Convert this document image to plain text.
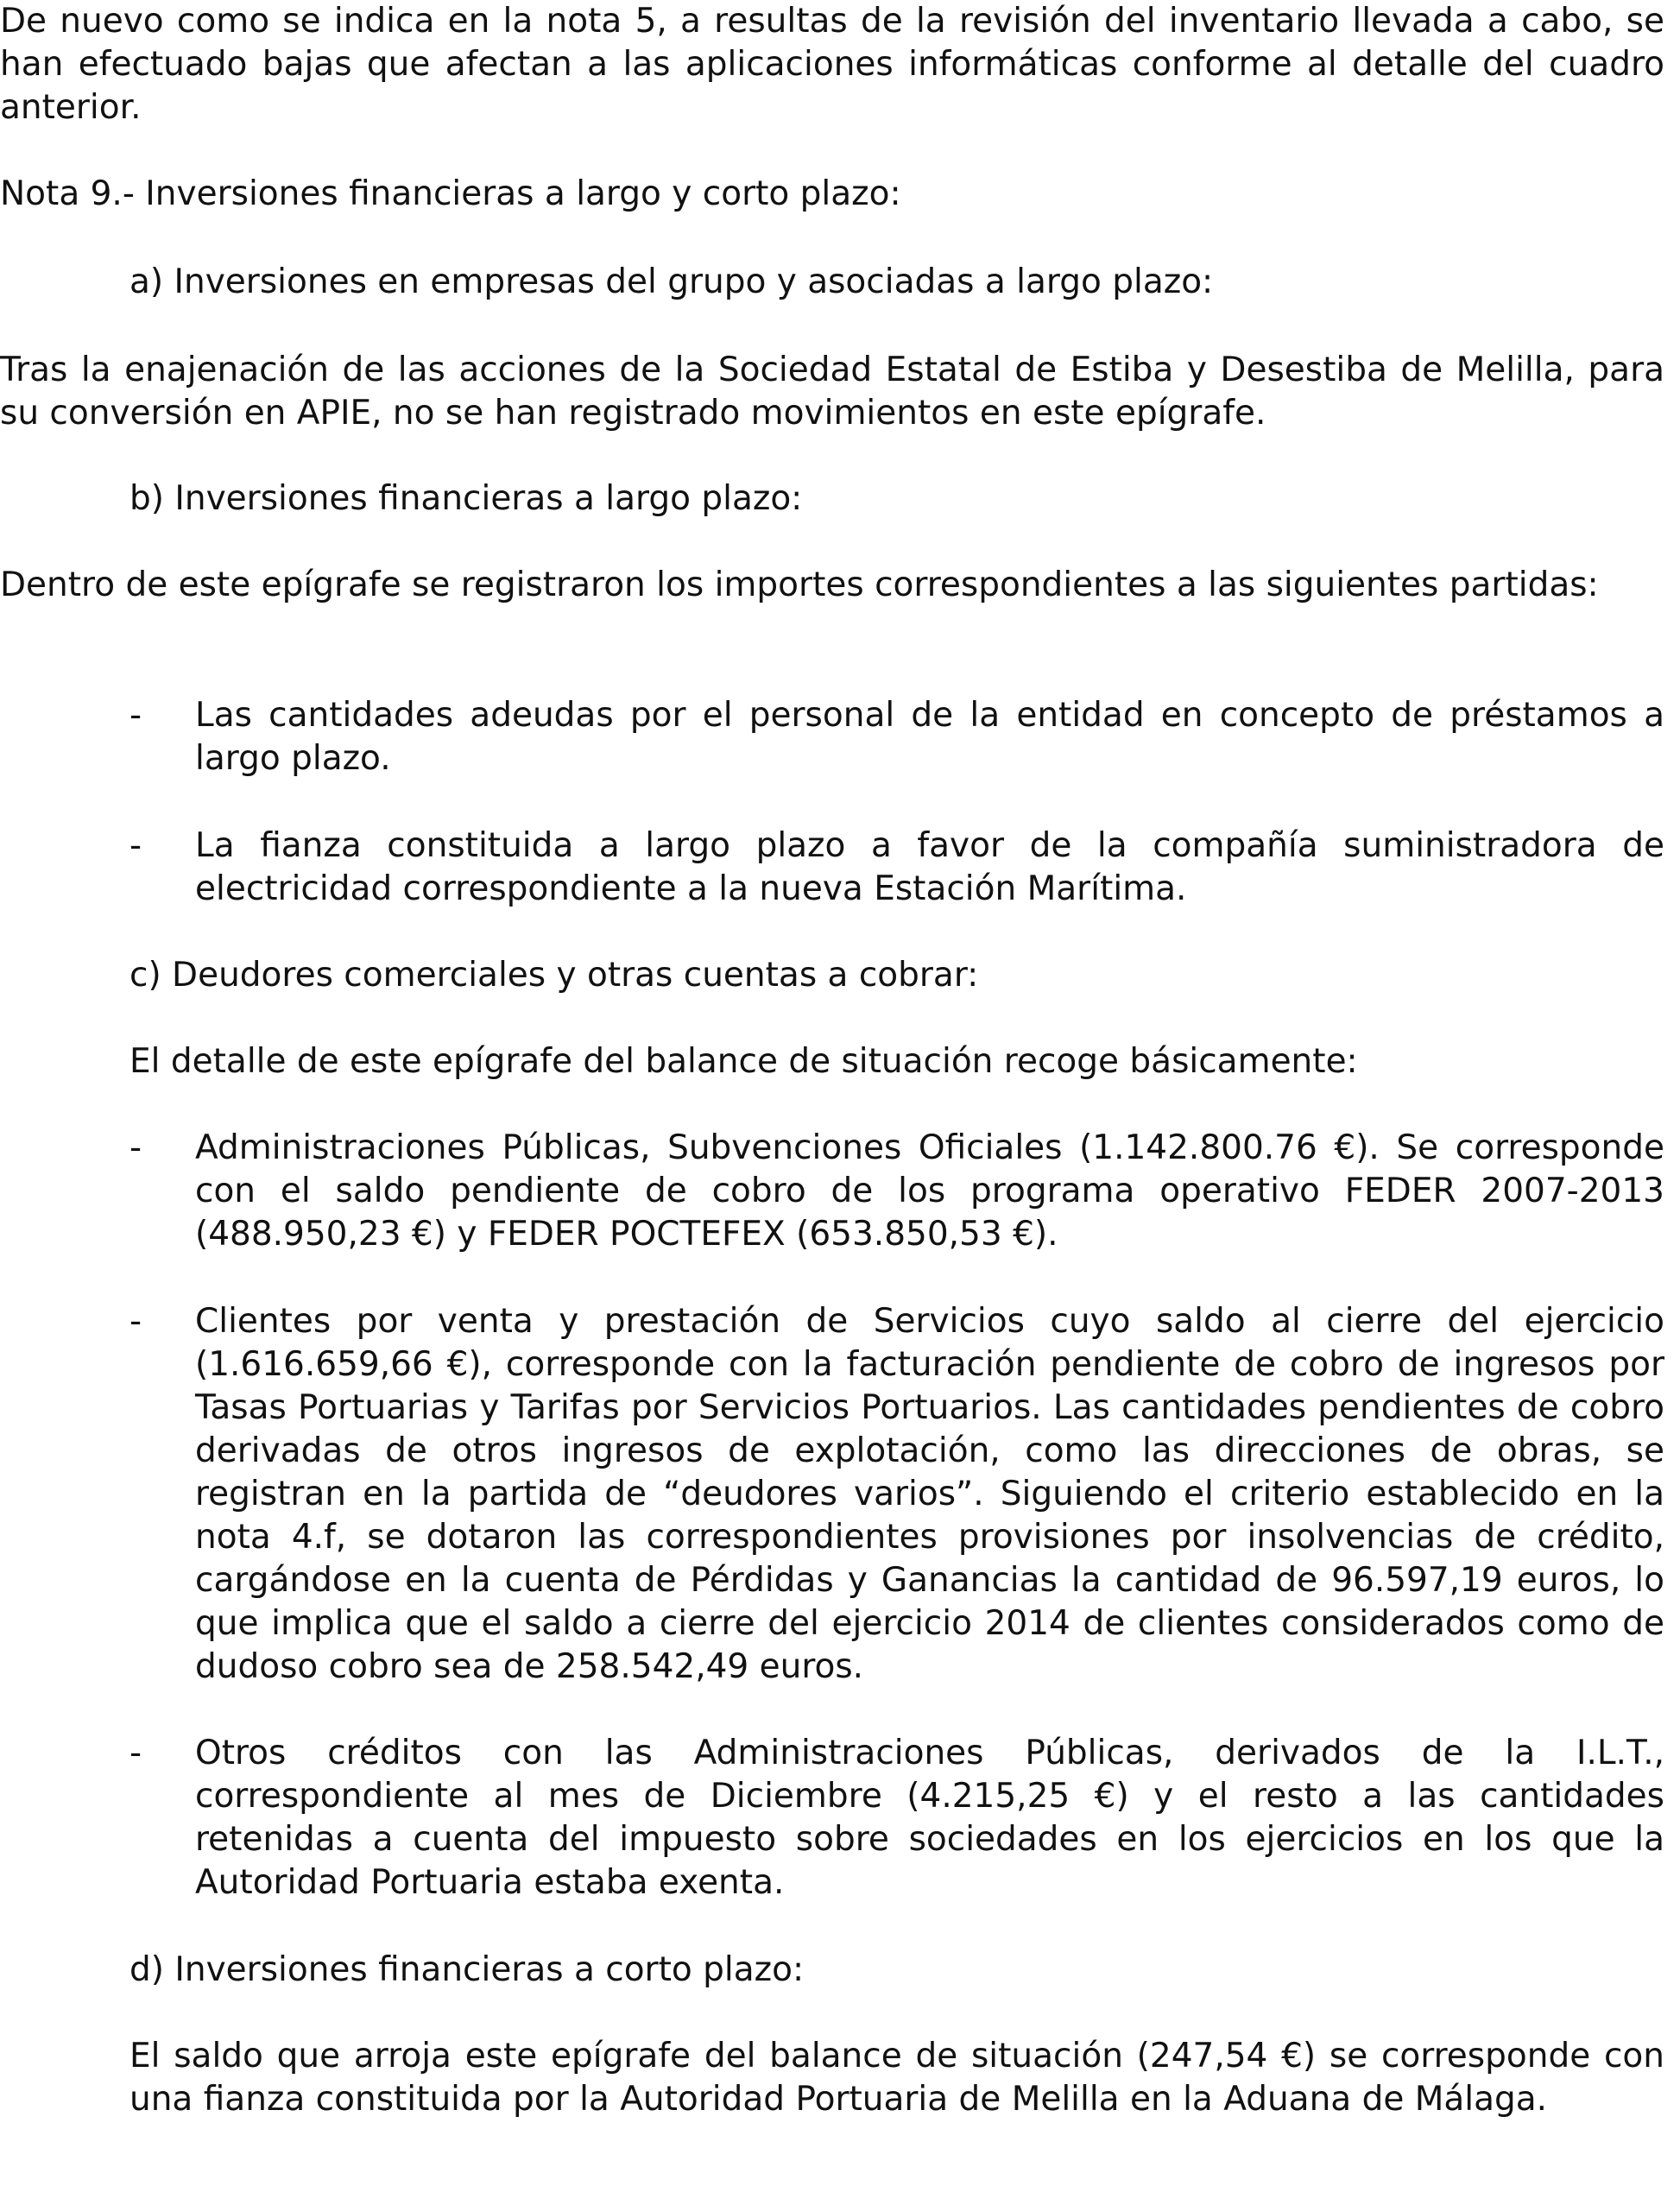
De nuevo como se indica en la nota 5, a resultas de la revisión del inventario llevada a cabo, se han efectuado bajas que afectan a las aplicaciones informáticas conforme al detalle del cuadro anterior.

Nota 9.- Inversiones financieras a largo y corto plazo:

a) Inversiones en empresas del grupo y asociadas a largo plazo:

Tras la enajenación de las acciones de la Sociedad Estatal de Estiba y Desestiba de Melilla, para su conversión en APIE, no se han registrado movimientos en este epígrafe.

b) Inversiones financieras a largo plazo:

Dentro de este epígrafe se registraron los importes correspondientes a las siguientes partidas:

- Las cantidades adeudas por el personal de la entidad en concepto de préstamos a largo plazo.

- La fianza constituida a largo plazo a favor de la compañía suministradora de electricidad correspondiente a la nueva Estación Marítima.

c) Deudores comerciales y otras cuentas a cobrar:

El detalle de este epígrafe del balance de situación recoge básicamente:

- Administraciones Públicas, Subvenciones Oficiales (1.142.800.76 €). Se corresponde con el saldo pendiente de cobro de los programa operativo FEDER 2007-2013 (488.950,23 €) y FEDER POCTEFEX (653.850,53 €).

- Clientes por venta y prestación de Servicios cuyo saldo al cierre del ejercicio (1.616.659,66 €), corresponde con la facturación pendiente de cobro de ingresos por Tasas Portuarias y Tarifas por Servicios Portuarios. Las cantidades pendientes de cobro derivadas de otros ingresos de explotación, como las direcciones de obras, se registran en la partida de “deudores varios”. Siguiendo el criterio establecido en la nota 4.f, se dotaron las correspondientes provisiones por insolvencias de crédito, cargándose en la cuenta de Pérdidas y Ganancias la cantidad de 96.597,19 euros, lo que implica que el saldo a cierre del ejercicio 2014 de clientes considerados como de dudoso cobro sea de 258.542,49 euros.

- Otros créditos con las Administraciones Públicas, derivados de la I.L.T., correspondiente al mes de Diciembre (4.215,25 €) y el resto a las cantidades retenidas a cuenta del impuesto sobre sociedades en los ejercicios en los que la Autoridad Portuaria estaba exenta.

d) Inversiones financieras a corto plazo:

El saldo que arroja este epígrafe del balance de situación (247,54 €) se corresponde con una fianza constituida por la Autoridad Portuaria de Melilla en la Aduana de Málaga.
